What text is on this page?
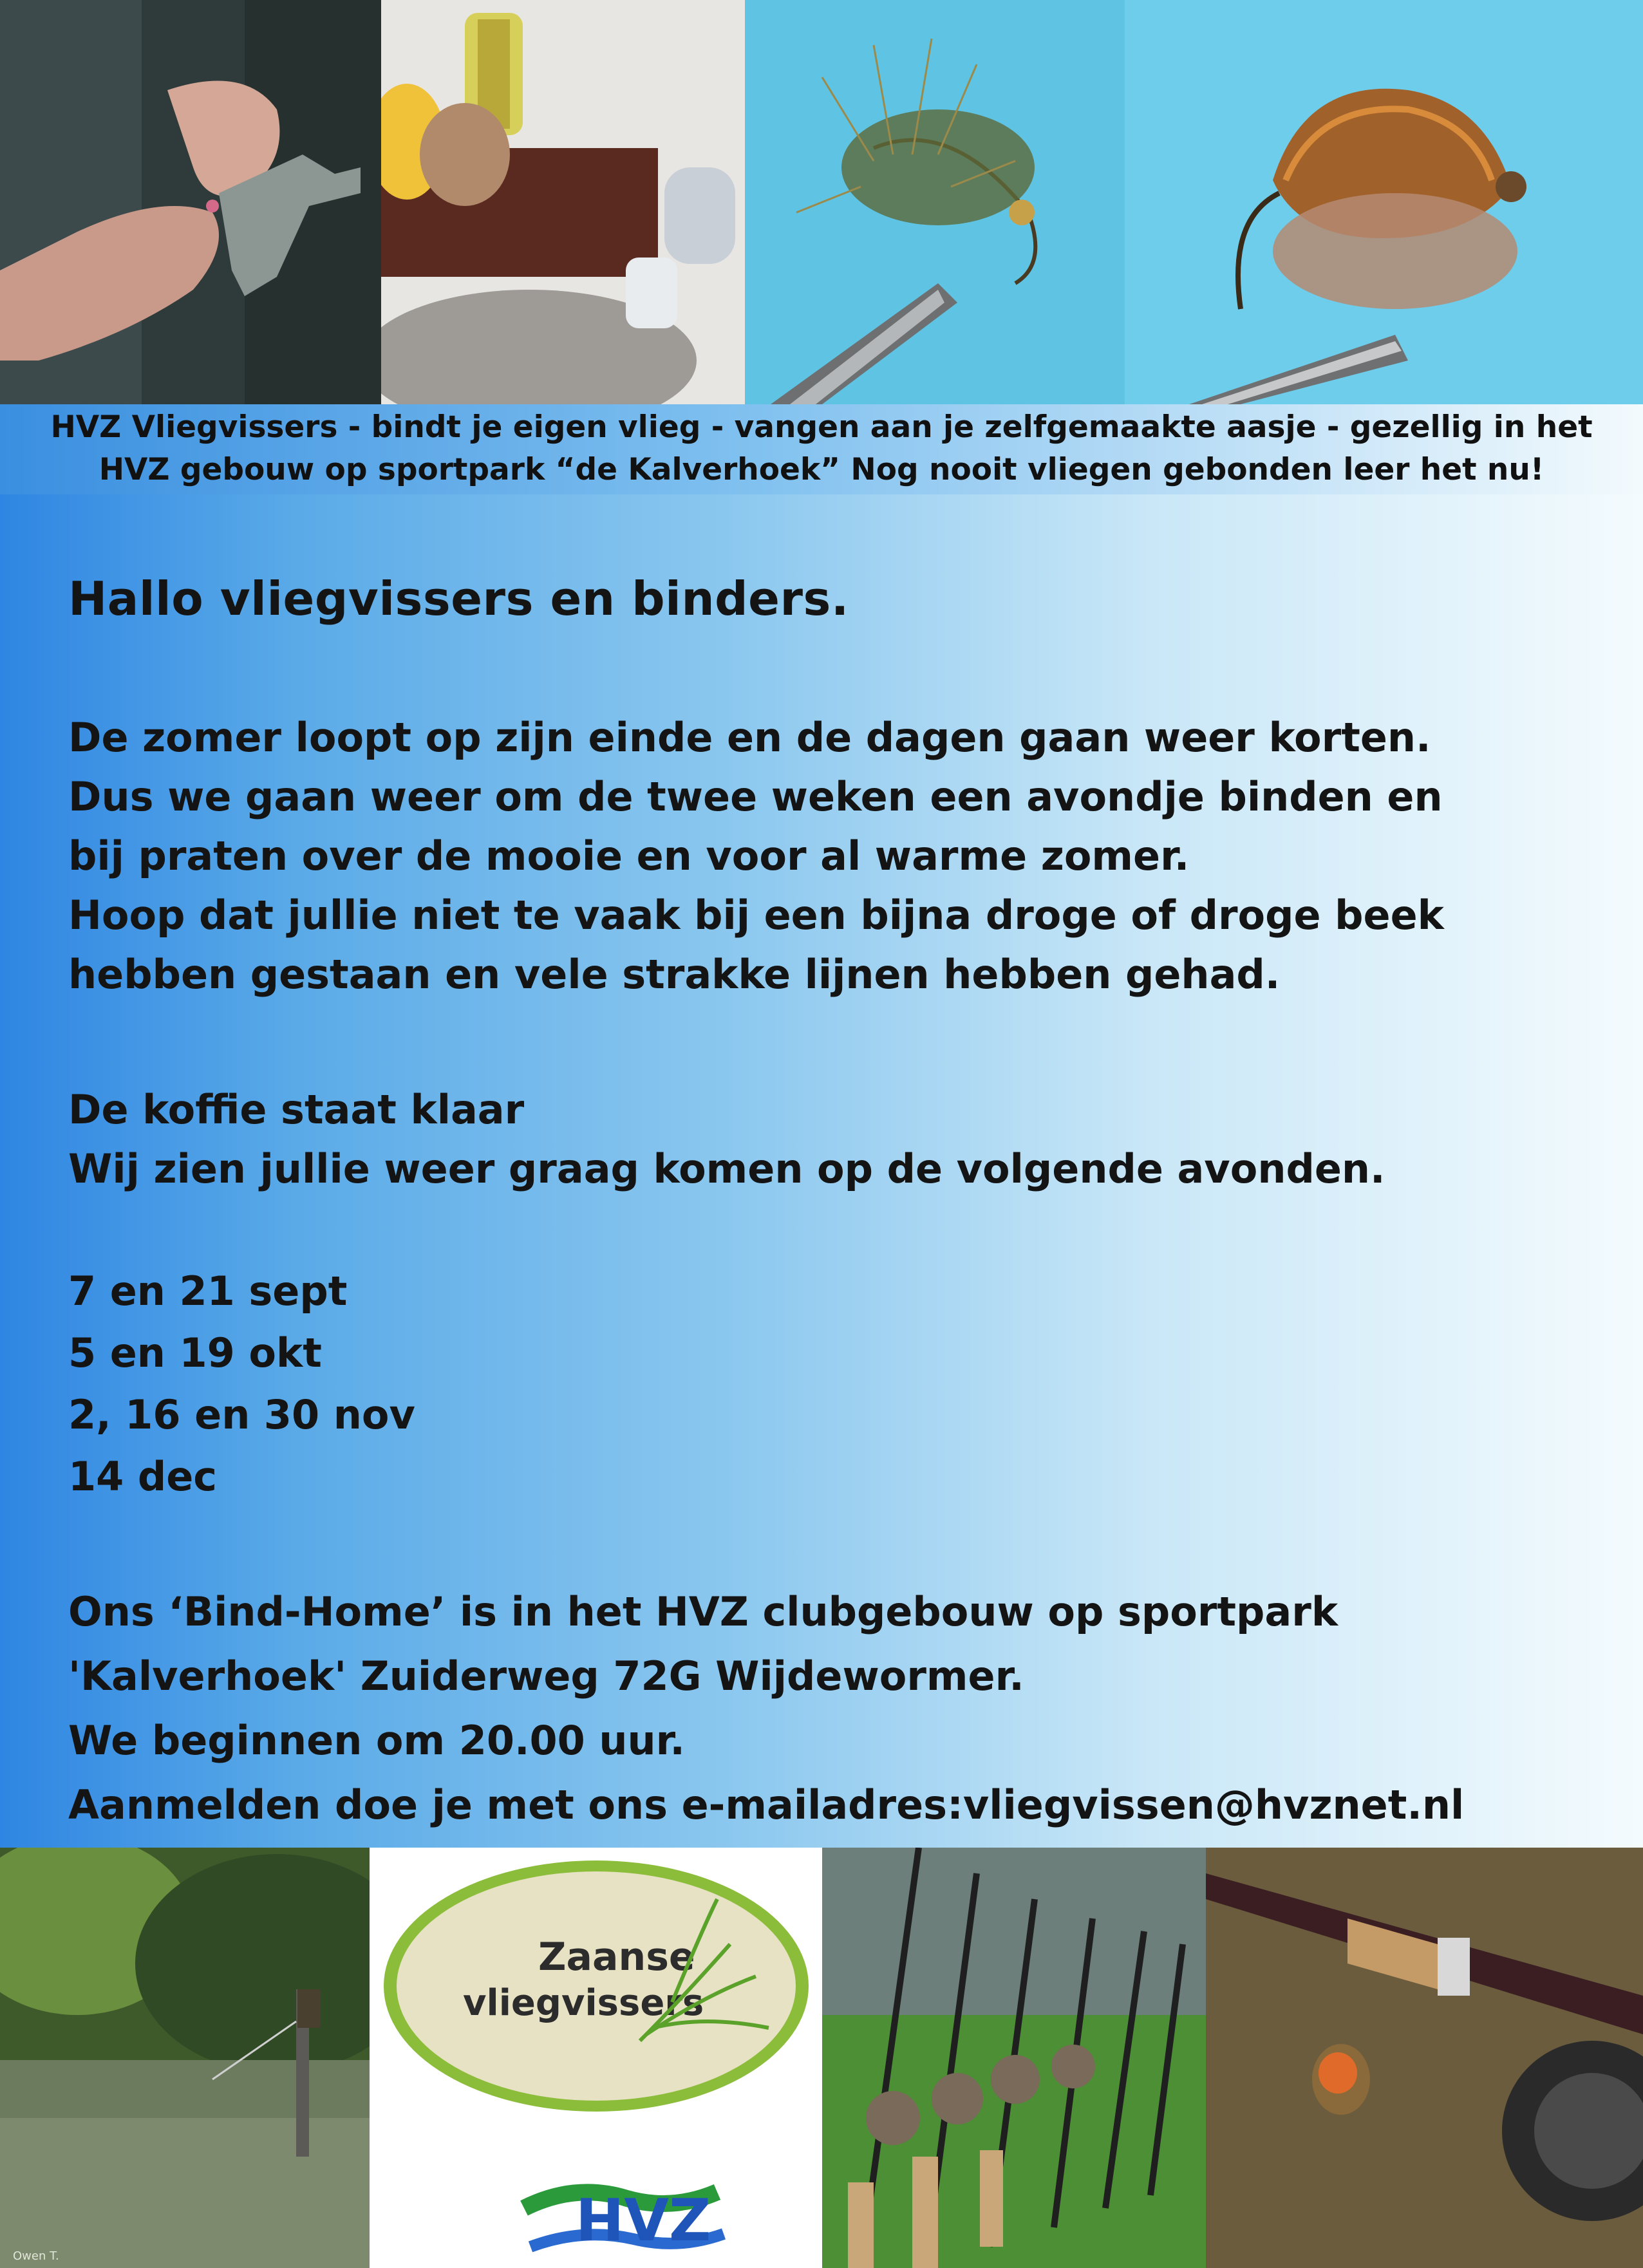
HVZ Vliegvissers - bindt je eigen vlieg - vangen aan je zelfgemaakte aasje - gezellig in het
HVZ gebouw op sportpark “de Kalverhoek” Nog nooit vliegen gebonden leer het nu!
Hallo vliegvissers en binders.
De zomer loopt op zijn einde en de dagen gaan weer korten.
Dus we gaan weer om de twee weken een avondje binden en
bij praten over de mooie en voor al warme zomer.
Hoop dat jullie niet te vaak bij een bijna droge of droge beek
hebben gestaan en vele strakke lijnen hebben gehad.
De koffie staat klaar
Wij zien jullie weer graag komen op de volgende avonden.
7 en 21 sept
5 en 19 okt
2, 16 en 30 nov
14 dec
Ons ‘Bind-Home’ is in het HVZ clubgebouw op sportpark
'Kalverhoek' Zuiderweg 72G Wijdewormer.
We beginnen om 20.00 uur.
Aanmelden doe je met ons e-mailadres:vliegvissen@hvznet.nl
Owen T.
Zaanse
vliegvissers
HVZ
